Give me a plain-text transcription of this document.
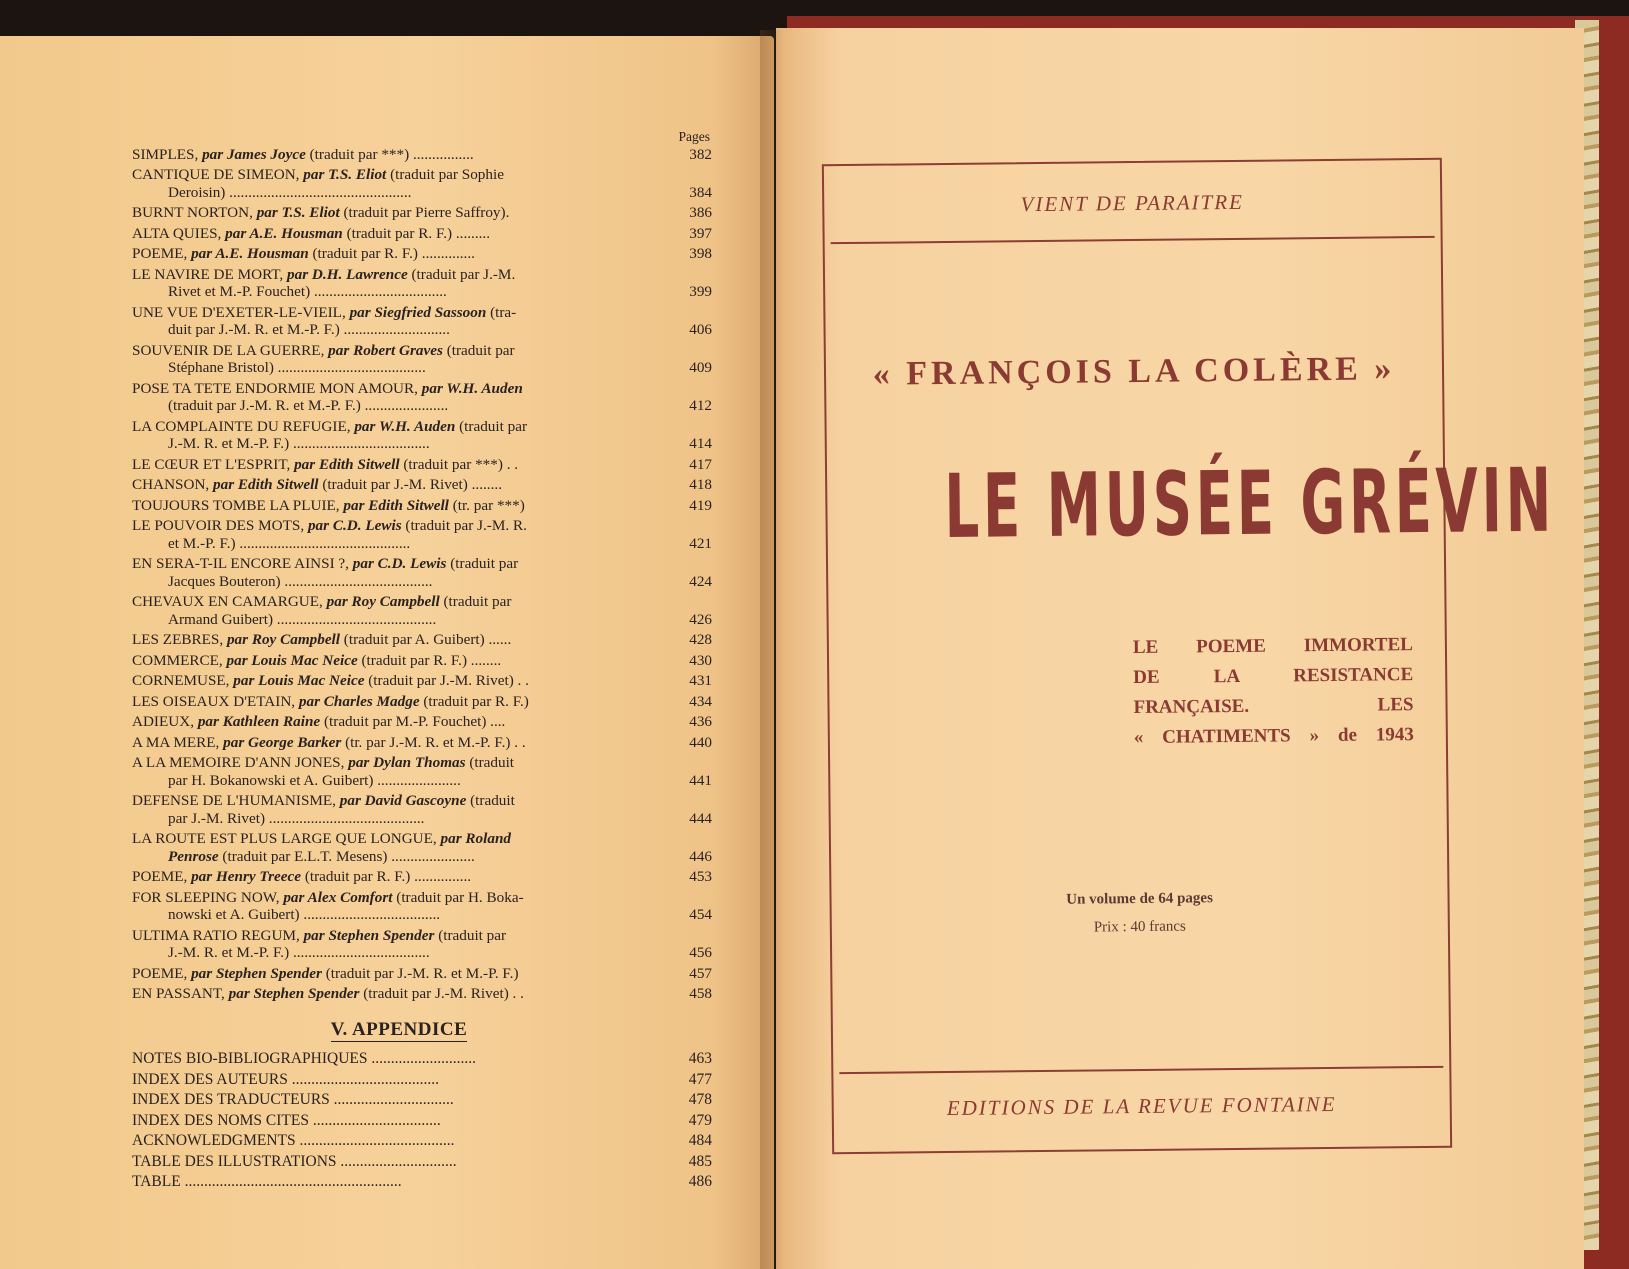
Pages
SIMPLES, par James Joyce (traduit par ***) ................	382
CANTIQUE DE SIMEON, par T.S. Eliot (traduit par Sophie
Deroisin) ................................................	384
BURNT NORTON, par T.S. Eliot (traduit par Pierre Saffroy).	386
ALTA QUIES, par A.E. Housman (traduit par R. F.) .........	397
POEME, par A.E. Housman (traduit par R. F.) ..............	398
LE NAVIRE DE MORT, par D.H. Lawrence (traduit par J.-M.
Rivet et M.-P. Fouchet) ...................................	399
UNE VUE D'EXETER-LE-VIEIL, par Siegfried Sassoon (tra-
duit par J.-M. R. et M.-P. F.) ............................	406
SOUVENIR DE LA GUERRE, par Robert Graves (traduit par
Stéphane Bristol) .......................................	409
POSE TA TETE ENDORMIE MON AMOUR, par W.H. Auden
(traduit par J.-M. R. et M.-P. F.) ......................	412
LA COMPLAINTE DU REFUGIE, par W.H. Auden (traduit par
J.-M. R. et M.-P. F.) ....................................	414
LE CŒUR ET L'ESPRIT, par Edith Sitwell (traduit par ***) . .	417
CHANSON, par Edith Sitwell (traduit par J.-M. Rivet) ........	418
TOUJOURS TOMBE LA PLUIE, par Edith Sitwell (tr. par ***)	419
LE POUVOIR DES MOTS, par C.D. Lewis (traduit par J.-M. R.
et M.-P. F.) .............................................	421
EN SERA-T-IL ENCORE AINSI ?, par C.D. Lewis (traduit par
Jacques Bouteron) .......................................	424
CHEVAUX EN CAMARGUE, par Roy Campbell (traduit par
Armand Guibert) ..........................................	426
LES ZEBRES, par Roy Campbell (traduit par A. Guibert) ......	428
COMMERCE, par Louis Mac Neice (traduit par R. F.) ........	430
CORNEMUSE, par Louis Mac Neice (traduit par J.-M. Rivet) . .	431
LES OISEAUX D'ETAIN, par Charles Madge (traduit par R. F.)	434
ADIEUX, par Kathleen Raine (traduit par M.-P. Fouchet) ....	436
A MA MERE, par George Barker (tr. par J.-M. R. et M.-P. F.) . .	440
A LA MEMOIRE D'ANN JONES, par Dylan Thomas (traduit
par H. Bokanowski et A. Guibert) ......................	441
DEFENSE DE L'HUMANISME, par David Gascoyne (traduit
par J.-M. Rivet) .........................................	444
LA ROUTE EST PLUS LARGE QUE LONGUE, par Roland
Penrose (traduit par E.L.T. Mesens) ......................	446
POEME, par Henry Treece (traduit par R. F.) ...............	453
FOR SLEEPING NOW, par Alex Comfort (traduit par H. Boka-
nowski et A. Guibert) ....................................	454
ULTIMA RATIO REGUM, par Stephen Spender (traduit par
J.-M. R. et M.-P. F.) ....................................	456
POEME, par Stephen Spender (traduit par J.-M. R. et M.-P. F.)	457
EN PASSANT, par Stephen Spender (traduit par J.-M. Rivet) . .	458
V. APPENDICE
NOTES BIO-BIBLIOGRAPHIQUES ...........................	463
INDEX DES AUTEURS ......................................	477
INDEX DES TRADUCTEURS ...............................	478
INDEX DES NOMS CITES .................................	479
ACKNOWLEDGMENTS ........................................	484
TABLE DES ILLUSTRATIONS ..............................	485
TABLE ........................................................	486
VIENT DE PARAITRE
« FRANÇOIS LA COLÈRE »
LE MUSÉE GRÉVIN
LE POEME IMMORTEL
DE LA RESISTANCE
FRANÇAISE. LES
« CHATIMENTS » de 1943
Un volume de 64 pages
Prix : 40 francs
EDITIONS DE LA REVUE FONTAINE
